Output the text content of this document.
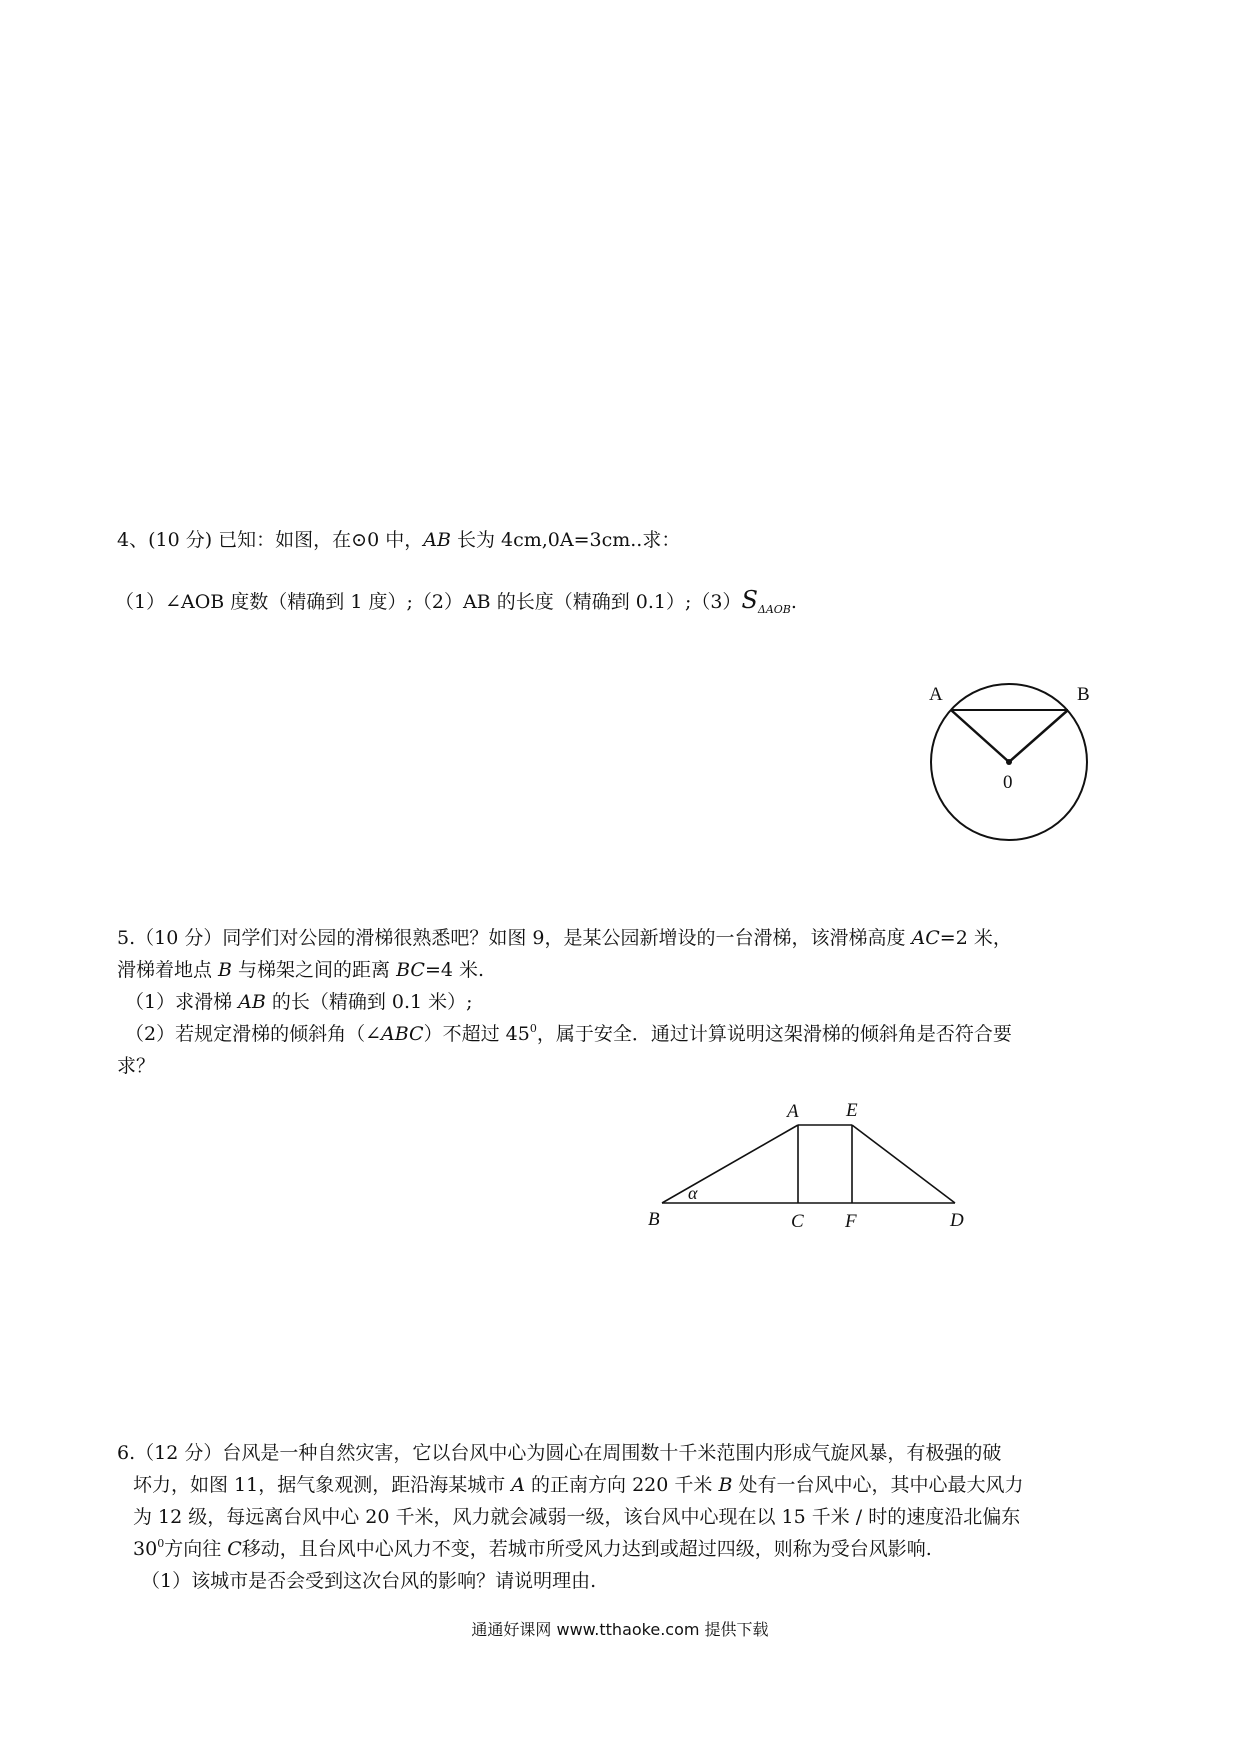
4、(10 分) 已知：如图，在⊙0 中，AB 长为 4cm,0A=3cm..求：
（1）∠AOB 度数（精确到 1 度）;（2）AB 的长度（精确到 $0.1);(3)S_{\Delta AOB}$.
A	B
0
5.（10 分）同学们对公园的滑梯很熟悉吧？如图 9，是某公园新增设的一台滑梯，该滑梯高度 AC=2 米，
滑梯着地点 B 与梯架之间的距离 BC=4 米.
（1）求滑梯 AB 的长（精确到 0.1 米）;
（2）若规定滑梯的倾斜角（∠ABC）不超过 $45^0$，属于安全．通过计算说明这架滑梯的倾斜角是否符合要
求？
A E
α
B	C F	D
6.（12 分）台风是一种自然灾害，它以台风中心为圆心在周围数十千米范围内形成气旋风暴，有极强的破
坏力，如图 11，据气象观测，距沿海某城市 A 的正南方向 220 千米 B 处有一台风中心，其中心最大风力
为 12 级，每远离台风中心 20 千米，风力就会减弱一级，该台风中心现在以 15 千米 / 时的速度沿北偏东
$30^0$方向往 C移动，且台风中心风力不变，若城市所受风力达到或超过四级，则称为受台风影响.
（1）该城市是否会受到这次台风的影响？请说明理由.
通通好课网 www.tthaoke.com 提供下载
